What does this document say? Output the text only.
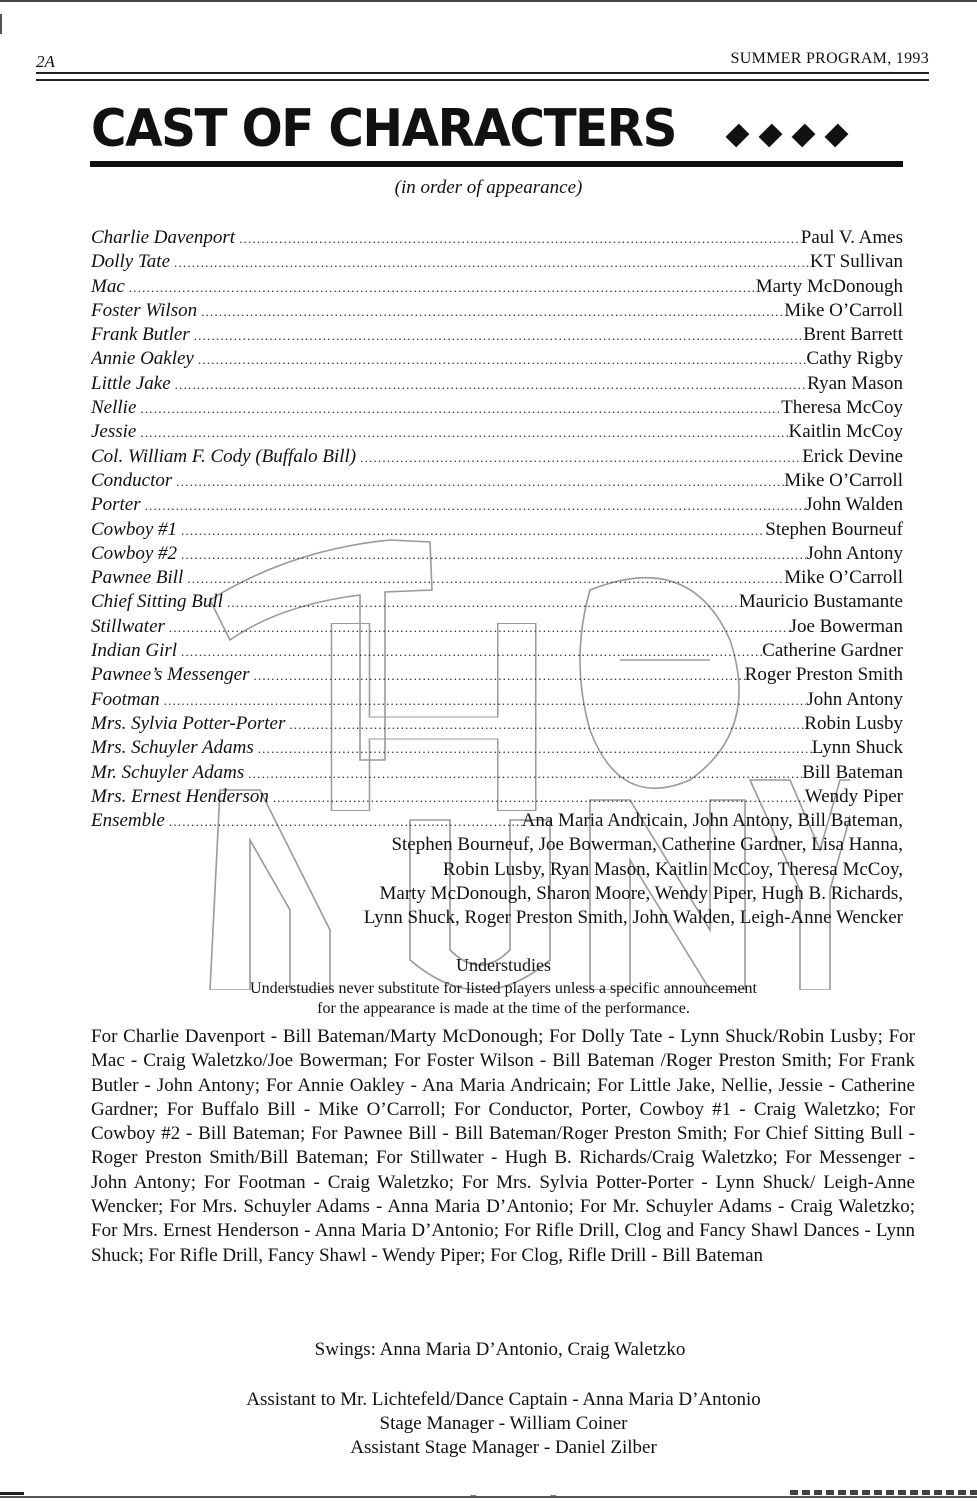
2A	SUMMER PROGRAM, 1993
CAST OF CHARACTERS
(in order of appearance)
Charlie Davenport .....	Paul V. Ames
Dolly Tate .....	KT Sullivan
Mac .....	Marty McDonough
Foster Wilson .....	Mike O’Carroll
Frank Butler .....	Brent Barrett
Annie Oakley .....	Cathy Rigby
Little Jake .....	Ryan Mason
Nellie .....	Theresa McCoy
Jessie .....	Kaitlin McCoy
Col. William F. Cody (Buffalo Bill) .....	Erick Devine
Conductor .....	Mike O’Carroll
Porter .....	John Walden
Cowboy #1 .....	Stephen Bourneuf
Cowboy #2 .....	John Antony
Pawnee Bill .....	Mike O’Carroll
Chief Sitting Bull .....	Mauricio Bustamante
Stillwater .....	Joe Bowerman
Indian Girl .....	Catherine Gardner
Pawnee’s Messenger .....	Roger Preston Smith
Footman .....	John Antony
Mrs. Sylvia Potter-Porter .....	Robin Lusby
Mrs. Schuyler Adams .....	Lynn Shuck
Mr. Schuyler Adams .....	Bill Bateman
Mrs. Ernest Henderson .....	Wendy Piper
Ensemble .....	Ana Maria Andricain, John Antony, Bill Bateman,
Stephen Bourneuf, Joe Bowerman, Catherine Gardner, Lisa Hanna,
Robin Lusby, Ryan Mason, Kaitlin McCoy, Theresa McCoy,
Marty McDonough, Sharon Moore, Wendy Piper, Hugh B. Richards,
Lynn Shuck, Roger Preston Smith, John Walden, Leigh-Anne Wencker
Understudies
Understudies never substitute for listed players unless a specific announcement
for the appearance is made at the time of the performance.
For Charlie Davenport - Bill Bateman/Marty McDonough; For Dolly Tate - Lynn Shuck/Robin Lusby; For Mac - Craig Waletzko/Joe Bowerman; For Foster Wilson - Bill Bateman /Roger Preston Smith; For Frank Butler - John Antony; For Annie Oakley - Ana Maria Andricain; For Little Jake, Nellie, Jessie - Catherine Gardner; For Buffalo Bill - Mike O’Carroll; For Conductor, Porter, Cowboy #1 - Craig Waletzko; For Cowboy #2 - Bill Bateman; For Pawnee Bill - Bill Bateman/Roger Preston Smith; For Chief Sitting Bull - Roger Preston Smith/Bill Bateman; For Stillwater - Hugh B. Richards/Craig Waletzko; For Messenger - John Antony; For Footman - Craig Waletzko; For Mrs. Sylvia Potter-Porter - Lynn Shuck/ Leigh-Anne Wencker; For Mrs. Schuyler Adams - Anna Maria D’Antonio; For Mr. Schuyler Adams - Craig Waletzko; For Mrs. Ernest Henderson - Anna Maria D’Antonio; For Rifle Drill, Clog and Fancy Shawl Dances - Lynn Shuck; For Rifle Drill, Fancy Shawl - Wendy Piper; For Clog, Rifle Drill - Bill Bateman
Swings: Anna Maria D’Antonio, Craig Waletzko
Assistant to Mr. Lichtefeld/Dance Captain - Anna Maria D’Antonio
Stage Manager - William Coiner
Assistant Stage Manager - Daniel Zilber
